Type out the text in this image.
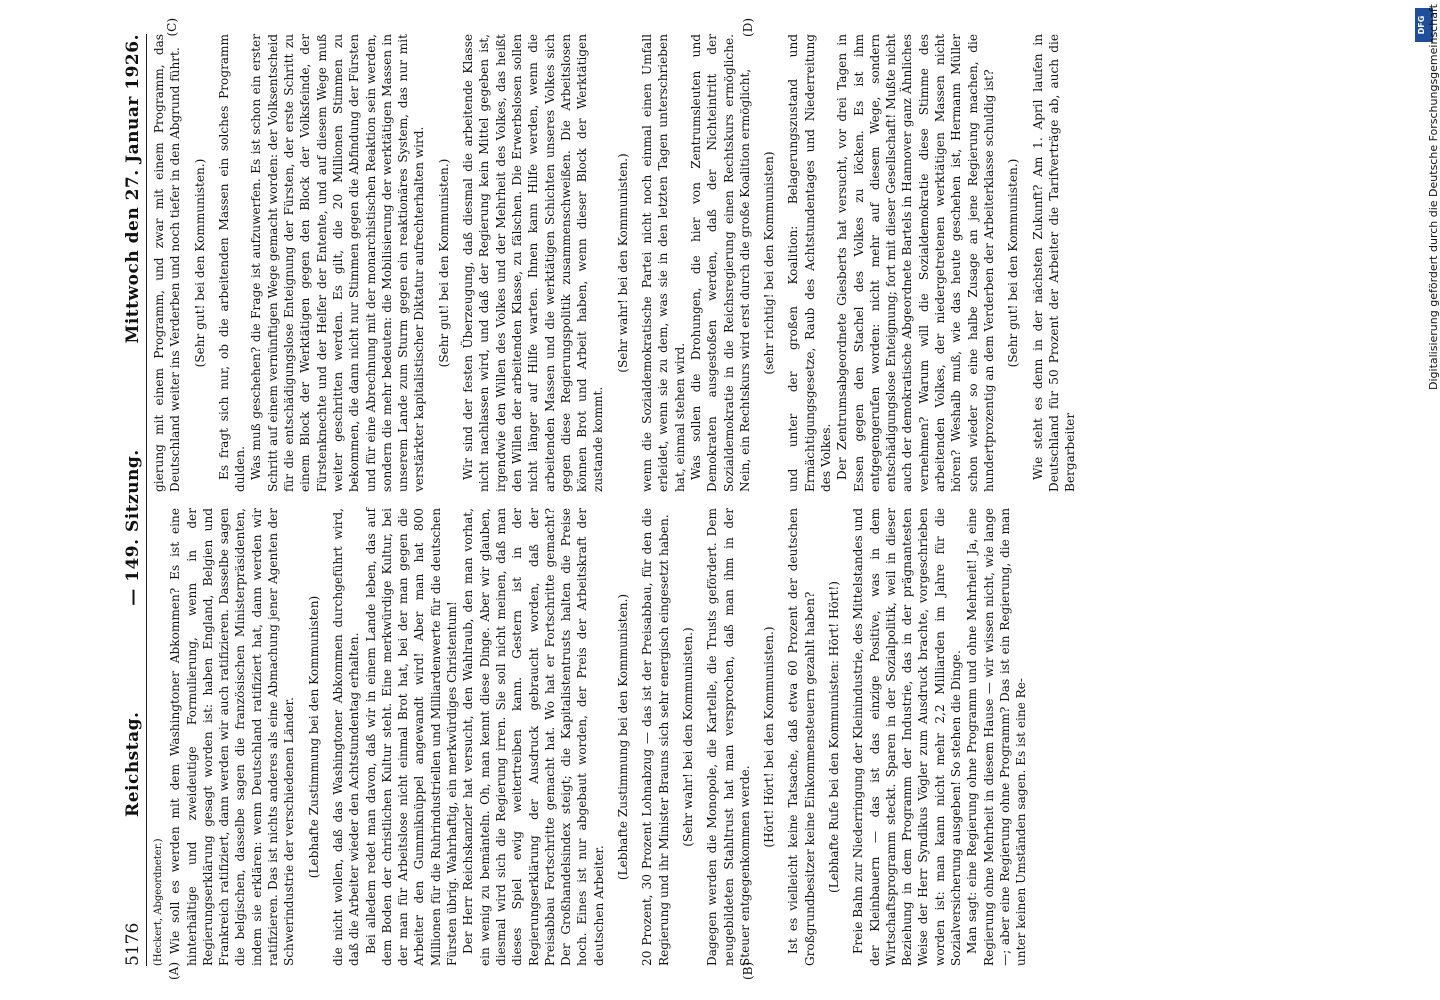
5176
Reichstag.
— 149. Sitzung.
Mittwoch den 27. Januar 1926.
(A)	(B)
(C)	(D)

(Heckert, Abgeordneter.) Wie soll es werden mit dem Washingtoner Abkommen? Es ist eine hinterhältige und zweideutige Formulierung, wenn in der Regierungserklärung gesagt worden ist: haben England, Belgien und Frankreich ratifiziert, dann werden wir auch ratifizieren. Dasselbe sagen die belgischen, dasselbe sagen die französischen Ministerpräsidenten, indem sie erklären: wenn Deutschland ratifiziert hat, dann werden wir ratifizieren. Das ist nichts anderes als eine Abmachung jener Agenten der Schwerindustrie der verschiedenen Länder. (Lebhafte Zustimmung bei den Kommunisten) die nicht wollen, daß das Washingtoner Abkommen durchgeführt wird, daß die Arbeiter wieder den Achtstundentag erhalten. Bei alledem redet man davon, daß wir in einem Lande leben, das auf dem Boden der christlichen Kultur steht. Eine merkwürdige Kultur, bei der man für Arbeitslose nicht einmal Brot hat, bei der man gegen die Arbeiter den Gummiknüppel angewandt wird! Aber man hat 800 Millionen für die Ruhrindustriellen und Milliardenwerte für die deutschen Fürsten übrig. Wahrhaftig, ein merkwürdiges Christentum! Der Herr Reichskanzler hat versucht, den Wahlraub, den man vorhat, ein wenig zu bemänteln. Oh, man kennt diese Dinge. Aber wir glauben, diesmal wird sich die Regierung irren. Sie soll nicht meinen, daß man dieses Spiel ewig weitertreiben kann. Gestern ist in der Regierungserklärung der Ausdruck gebraucht worden, daß der Preisabbau Fortschritte gemacht hat. Wo hat er Fortschritte gemacht? Der Großhandelsindex steigt; die Kapitalistentrusts halten die Preise hoch. Eines ist nur abgebaut worden, der Preis der Arbeitskraft der deutschen Arbeiter.

(Lebhafte Zustimmung bei den Kommunisten.) 20 Prozent, 30 Prozent Lohnabzug — das ist der Preisabbau, für den die Regierung und ihr Minister Brauns sich sehr energisch eingesetzt haben. (Sehr wahr! bei den Kommunisten.) Dagegen werden die Monopole, die Kartelle, die Trusts gefördert. Dem neugebildeten Stahltrust hat man versprochen, daß man ihm in der Steuer entgegenkommen werde.

(Hört! Hört! bei den Kommunisten.) Ist es vielleicht keine Tatsache, daß etwa 60 Prozent der deutschen Großgrundbesitzer keine Einkommensteuern gezahlt haben? (Lebhafte Rufe bei den Kommunisten: Hört! Hört!) Freie Bahn zur Niederringung der Kleinindustrie, des Mittelstandes und der Kleinbauern — das ist das einzige Positive, was in dem Wirtschaftsprogramm steckt. Sparen in der Sozialpolitik, weil in dieser Beziehung in dem Programm der Industrie, das in der prägnantesten Weise der Herr Syndikus Vögler zum Ausdruck brachte, vorgeschrieben worden ist: man kann nicht mehr 2,2 Milliarden im Jahre für die Sozialversicherung ausgeben! So stehen die Dinge. Man sagt: eine Regierung ohne Programm und ohne Mehrheit! Ja, eine Regierung ohne Mehrheit in diesem Hause — wir wissen nicht, wie lange —; aber eine Regierung ohne Programm? Das ist ein Regierung, die man unter keinen Umständen sagen. Es ist eine Re-

gierung mit einem Programm, und zwar mit einem Programm, das Deutschland weiter ins Verderben und noch tiefer in den Abgrund führt. (Sehr gut! bei den Kommunisten.) Es fragt sich nur, ob die arbeitenden Massen ein solches Programm dulden. Was muß geschehen? die Frage ist aufzuwerfen. Es ist schon ein erster Schritt auf einem vernünftigen Wege gemacht worden: der Volksentscheid für die entschädigungslose Enteignung der Fürsten, der erste Schritt zu einem Block der Werktätigen gegen den Block der Volksfeinde, der Fürstenknechte und der Helfer der Entente, und auf diesem Wege muß weiter geschritten werden. Es gilt, die 20 Millionen Stimmen zu bekommen, die dann nicht nur Stimmen gegen die Abfindung der Fürsten und für eine Abrechnung mit der monarchistischen Reaktion sein werden, sondern die mehr bedeuten: die Mobilisierung der werktätigen Massen in unserem Lande zum Sturm gegen ein reaktionäres System, das nur mit verstärkter kapitalistischer Diktatur aufrechterhalten wird. (Sehr gut! bei den Kommunisten.) Wir sind der festen Überzeugung, daß diesmal die arbeitende Klasse nicht nachlassen wird, und daß der Regierung kein Mittel gegeben ist, irgendwie den Willen des Volkes und der Mehrheit des Volkes, das heißt den Willen der arbeitenden Klasse, zu fälschen. Die Erwerbslosen sollen nicht länger auf Hilfe warten. Ihnen kann Hilfe werden, wenn die arbeitenden Massen und die werktätigen Schichten unseres Volkes sich gegen diese Regierungspolitik zusammenschweißen. Die Arbeitslosen können Brot und Arbeit haben, wenn dieser Block der Werktätigen zustande kommt.

(Sehr wahr! bei den Kommunisten.) wenn die Sozialdemokratische Partei nicht noch einmal einen Umfall erleidet, wenn sie zu dem, was sie in den letzten Tagen unterschrieben hat, einmal stehen wird. Was sollen die Drohungen, die hier von Zentrumsleuten und Demokraten ausgestoßen werden, daß der Nichteintritt der Sozialdemokratie in die Reichsregierung einen Rechtskurs ermögliche. Nein, ein Rechtskurs wird erst durch die große Koalition ermöglicht, (sehr richtig! bei den Kommunisten) und unter der großen Koalition: Belagerungszustand und Ermächtigungsgesetze, Raub des Achtstundentages und Niederreitung des Volkes. Der Zentrumsabgeordnete Giesberts hat versucht, vor drei Tagen in Essen gegen den Stachel des Volkes zu löcken. Es ist ihm entgegengerufen worden: nicht mehr auf diesem Wege, sondern entschädigungslose Enteignung; fort mit dieser Gesellschaft! Mußte nicht auch der demokratische Abgeordnete Bartels in Hannover ganz Ähnliches vernehmen? Warum will die Sozialdemokratie diese Stimme des arbeitenden Volkes, der niedergetretenen werktätigen Massen nicht hören? Weshalb muß, wie das heute geschehen ist, Hermann Müller schon wieder so eine halbe Zusage an jene Regierung machen, die hundertprozentig an dem Verderben der Arbeiterklasse schuldig ist? (Sehr gut! bei den Kommunisten.) Wie steht es denn in der nächsten Zukunft? Am 1. April laufen in Deutschland für 50 Prozent der Arbeiter die Tarifverträge ab, auch die Bergarbeiter

DFG Digitalisierung gefördert durch die Deutsche Forschungsgemeinschaft
